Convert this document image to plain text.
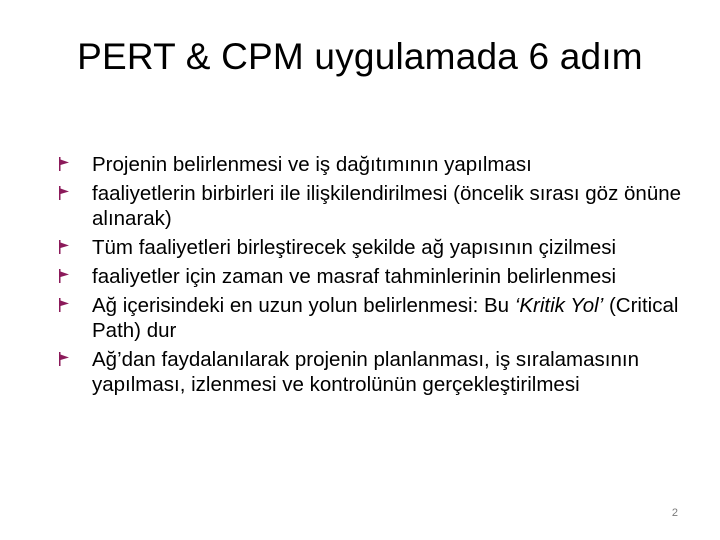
PERT & CPM uygulamada 6 adım
Projenin belirlenmesi ve iş dağıtımının yapılması
faaliyetlerin birbirleri ile ilişkilendirilmesi (öncelik sırası göz önüne alınarak)
Tüm faaliyetleri birleştirecek şekilde ağ yapısının çizilmesi
faaliyetler için zaman ve masraf tahminlerinin belirlenmesi
Ağ içerisindeki en uzun yolun belirlenmesi: Bu ‘Kritik Yol’ (Critical Path) dur
Ağ’dan faydalanılarak projenin planlanması, iş sıralamasının yapılması, izlenmesi ve kontrolünün gerçekleştirilmesi
2
